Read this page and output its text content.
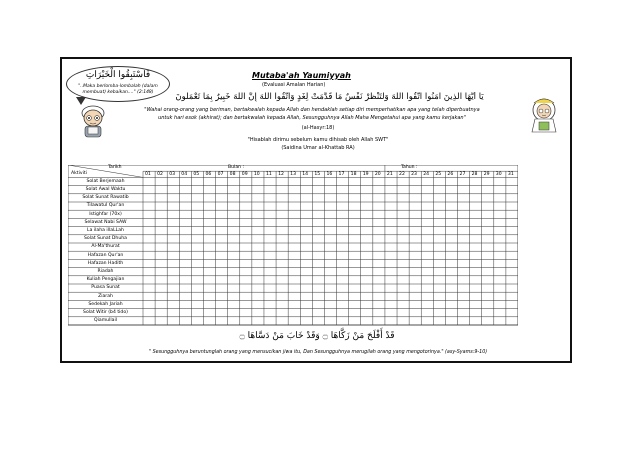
فَاسْتَبِقُوا الْخَيْرَاتِ
"..Maka berlomba-lombalah (dalam membuat) kebaikan...." (2:148)
Mutaba'ah Yaumiyyah
(Evaluasi Amalan Harian)
يَا أَيُّهَا الَّذِينَ آمَنُوا اتَّقُوا اللَّهَ وَلْتَنْظُرْ نَفْسٌ مَا قَدَّمَتْ لِغَدٍ وَاتَّقُوا اللَّهَ إِنَّ اللَّهَ خَبِيرٌ بِمَا تَعْمَلُونَ
"Wahai orang-orang yang beriman, bertakwalah kepada Allah dan hendaklah setiap diri memperhatikan apa yang telah diperbuatnya
untuk hari esok (akhirat); dan bertakwalah kepada Allah, Sesungguhnya Allah Maha Mengetahui apa yang kamu kerjakan"
(al-Hasyr:18)
"Hisablah dirimu sebelum kamu dihisab oleh Allah SWT"
(Saidina Umar al-Khattab RA)
Tarikh
Aktiviti
Bulan :	Tahun :
01 02 03 04 05 06 07 08 09 10 11 12 13 14 15 16 17 18 19 20 21 22 23 24 25 26 27 28 29 30 31
Solat Berjemaah
Solat Awal Waktu
Solat Sunat Rawatib
Tilawatul Qur'an
Istighfar (70x)
Selawat Nabi SAW
La ilaha illaLLah
Solat Sunat Dhuha
Al-Ma'thurat
Hafazan Qur'an
Hafazan Hadith
Riadah
Kuliah Pengajian
Puasa Sunat
Ziarah
Sedekah Jariah
Solat Witir (b4 tido)
Qiamullail
قَدْ أَفْلَحَ مَنْ زَكَّاهَا ۝ وَقَدْ خَابَ مَنْ دَسَّاهَا ۝
" Sesungguhnya beruntunglah orang yang mensucikan jiwa itu, Dan Sesungguhnya merugilah orang yang mengotorinya." (asy-Syams:9-10)
